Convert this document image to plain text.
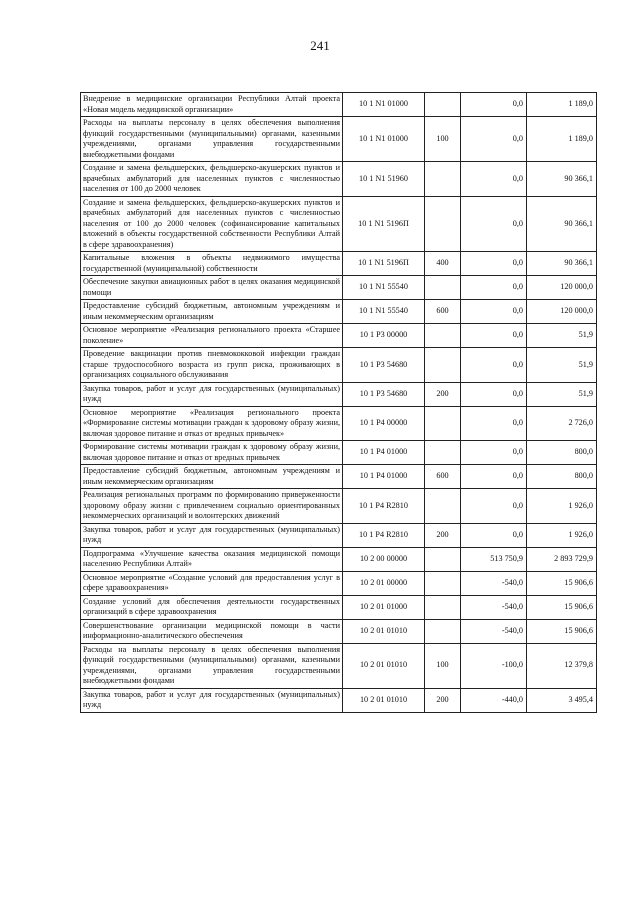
241
Внедрение в медицинские организации Республики Алтай проекта «Новая модель медицинской организации»	10 1 N1 01000		0,0	1 189,0
Расходы на выплаты персоналу в целях обеспечения выполнения функций государственными (муниципальными) органами, казенными учреждениями, органами управления государственными внебюджетными фондами	10 1 N1 01000	100	0,0	1 189,0
Создание и замена фельдшерских, фельдшерско-акушерских пунктов и врачебных амбулаторий для населенных пунктов с численностью населения от 100 до 2000 человек	10 1 N1 51960		0,0	90 366,1
Создание и замена фельдшерских, фельдшерско-акушерских пунктов и врачебных амбулаторий для населенных пунктов с численностью населения от 100 до 2000 человек (софинансирование капитальных вложений в объекты государственной собственности Республики Алтай в сфере здравоохранения)	10 1 N1 5196П		0,0	90 366,1
Капитальные вложения в объекты недвижимого имущества государственной (муниципальной) собственности	10 1 N1 5196П	400	0,0	90 366,1
Обеспечение закупки авиационных работ в целях оказания медицинской помощи	10 1 N1 55540		0,0	120 000,0
Предоставление субсидий бюджетным, автономным учреждениям и иным некоммерческим организациям	10 1 N1 55540	600	0,0	120 000,0
Основное мероприятие «Реализация регионального проекта «Старшее поколение»	10 1 P3 00000		0,0	51,9
Проведение вакцинации против пневмококковой инфекции граждан старше трудоспособного возраста из групп риска, проживающих в организациях социального обслуживания	10 1 P3 54680		0,0	51,9
Закупка товаров, работ и услуг для государственных (муниципальных) нужд	10 1 P3 54680	200	0,0	51,9
Основное мероприятие «Реализация регионального проекта «Формирование системы мотивации граждан к здоровому образу жизни, включая здоровое питание и отказ от вредных привычек»	10 1 P4 00000		0,0	2 726,0
Формирование системы мотивации граждан к здоровому образу жизни, включая здоровое питание и отказ от вредных привычек	10 1 P4 01000		0,0	800,0
Предоставление субсидий бюджетным, автономным учреждениям и иным некоммерческим организациям	10 1 P4 01000	600	0,0	800,0
Реализация региональных программ по формированию приверженности здоровому образу жизни с привлечением социально ориентированных некоммерческих организаций и волонтерских движений	10 1 P4 R2810		0,0	1 926,0
Закупка товаров, работ и услуг для государственных (муниципальных) нужд	10 1 P4 R2810	200	0,0	1 926,0
Подпрограмма «Улучшение качества оказания медицинской помощи населению Республики Алтай»	10 2 00 00000		513 750,9	2 893 729,9
Основное мероприятие «Создание условий для предоставления услуг в сфере здравоохранения»	10 2 01 00000		-540,0	15 906,6
Создание условий для обеспечения деятельности государственных организаций в сфере здравоохранения	10 2 01 01000		-540,0	15 906,6
Совершенствование организации медицинской помощи в части информационно-аналитического обеспечения	10 2 01 01010		-540,0	15 906,6
Расходы на выплаты персоналу в целях обеспечения выполнения функций государственными (муниципальными) органами, казенными учреждениями, органами управления государственными внебюджетными фондами	10 2 01 01010	100	-100,0	12 379,8
Закупка товаров, работ и услуг для государственных (муниципальных) нужд	10 2 01 01010	200	-440,0	3 495,4
